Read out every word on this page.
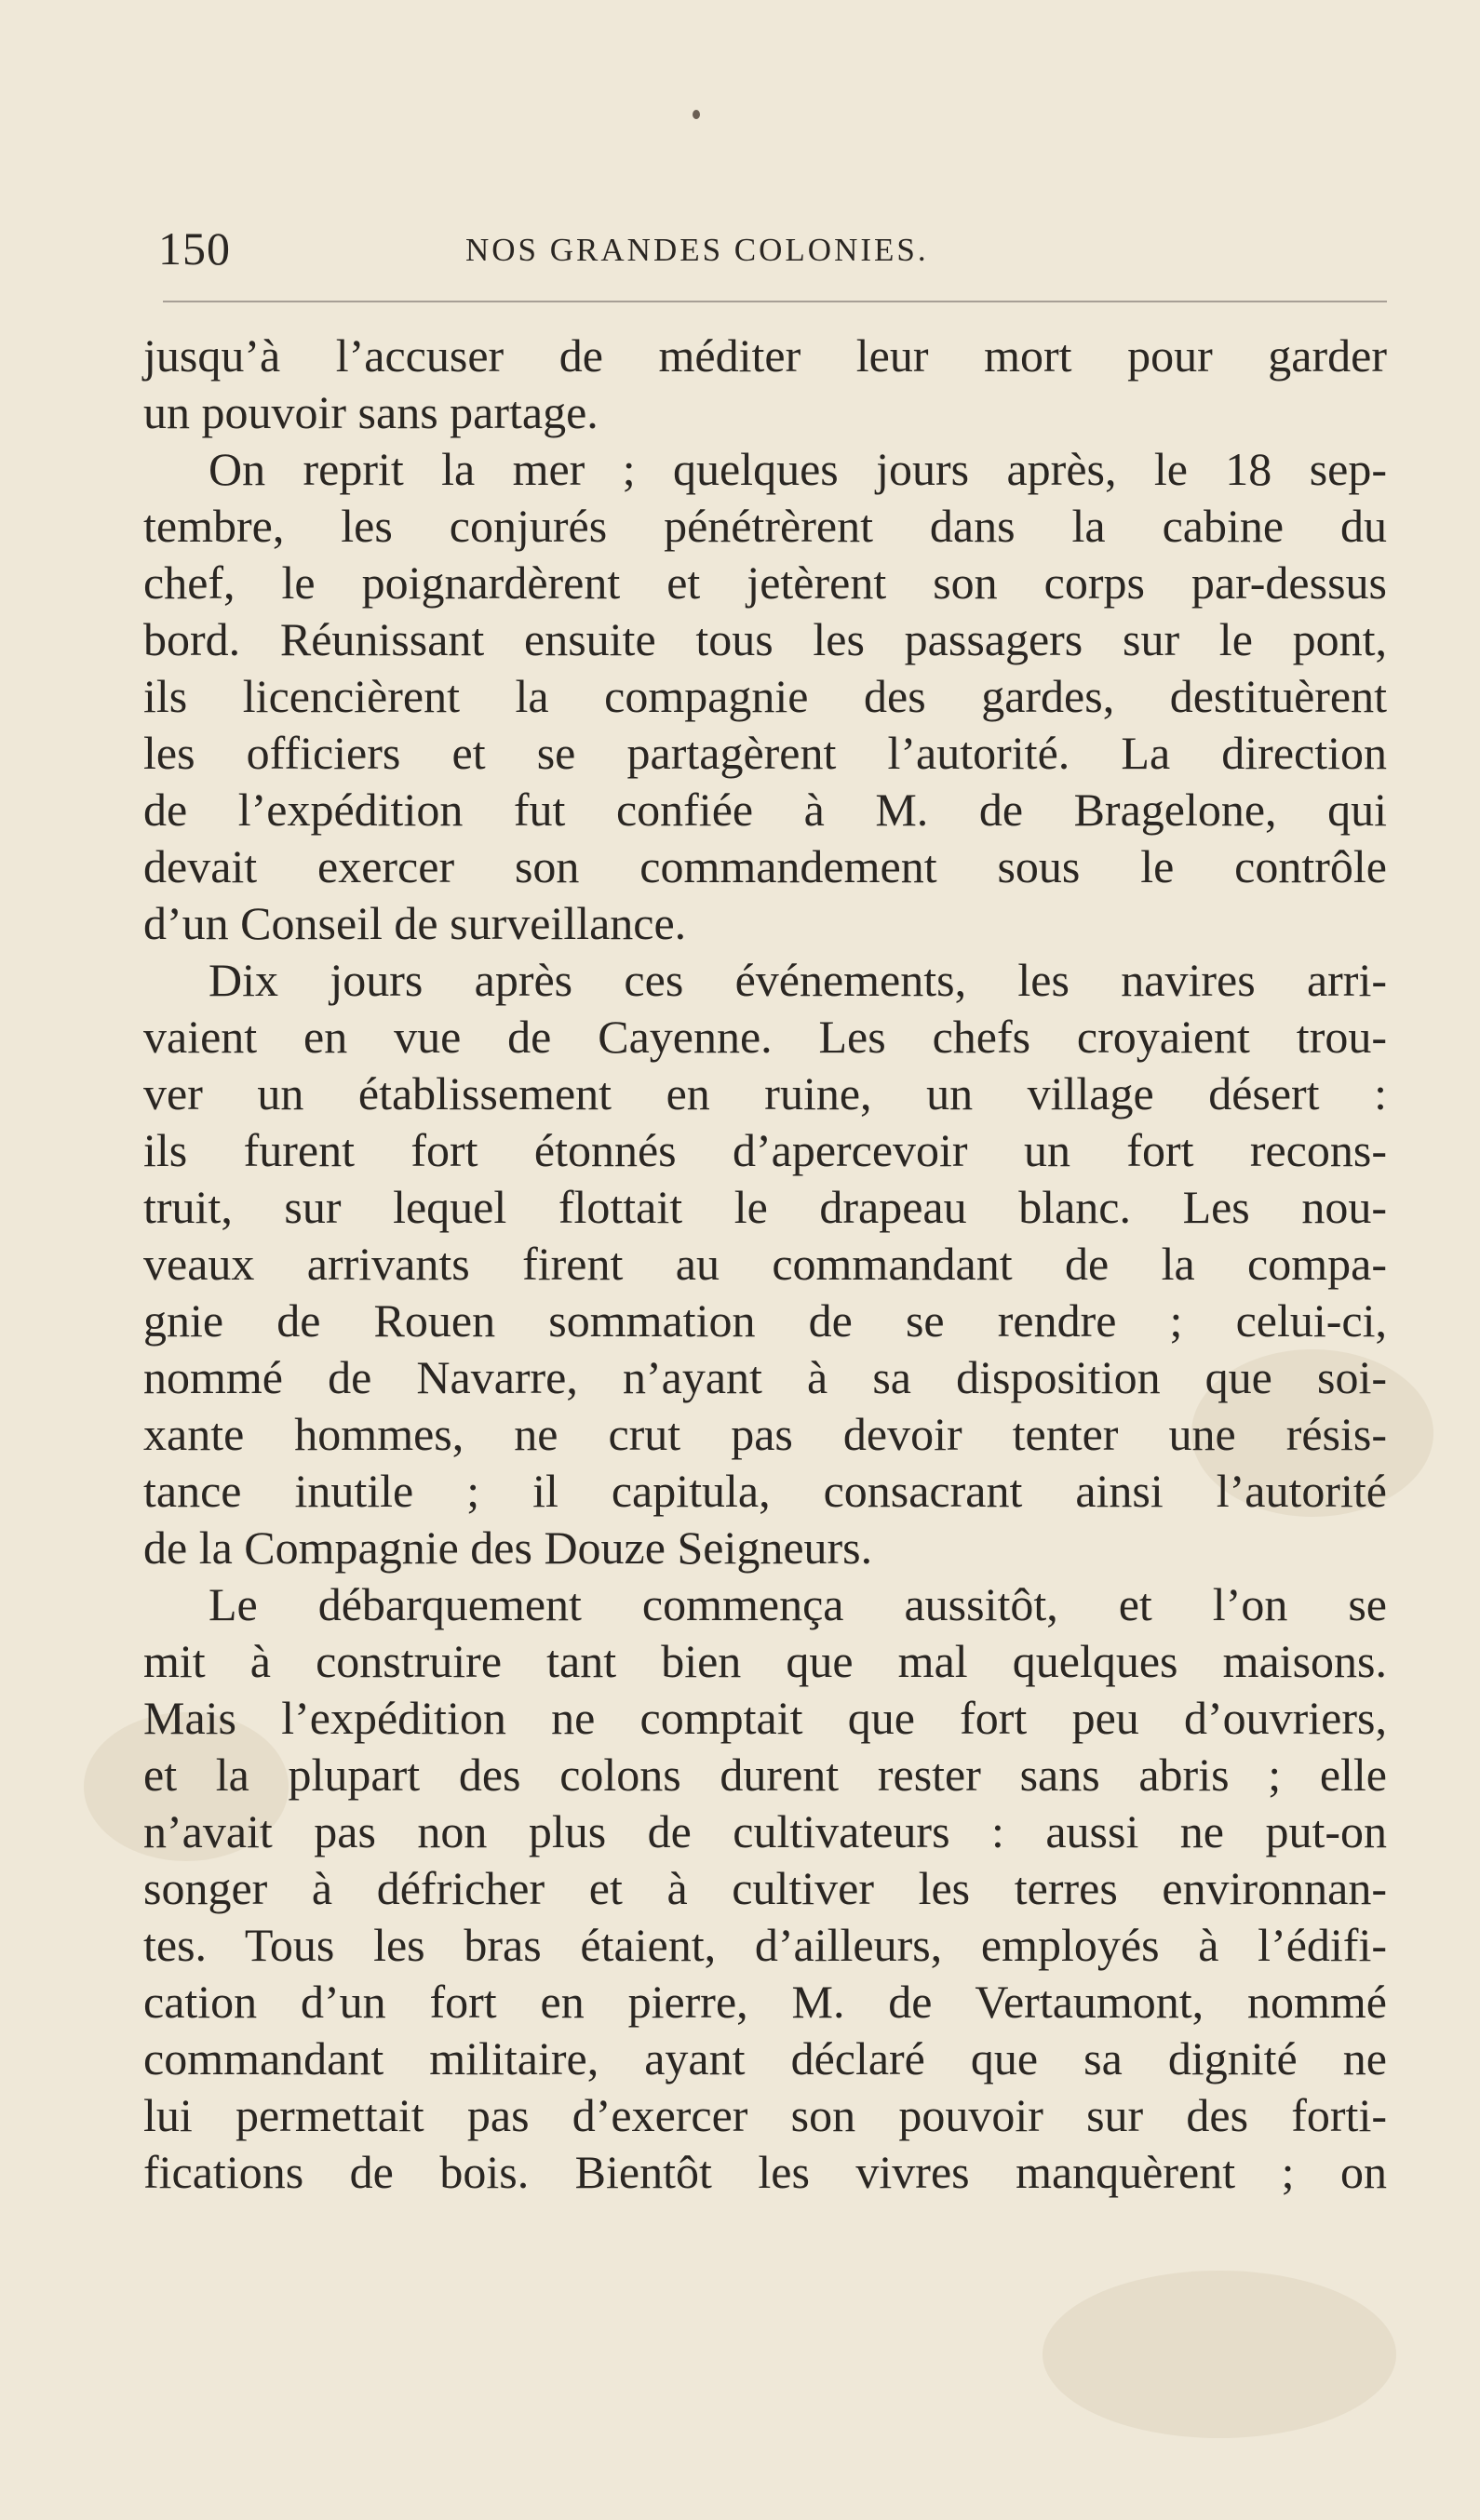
150	NOS GRANDES COLONIES.
jusqu’à l’accuser de méditer leur mort pour garder
un pouvoir sans partage.
On reprit la mer ; quelques jours après, le 18 sep-
tembre, les conjurés pénétrèrent dans la cabine du
chef, le poignardèrent et jetèrent son corps par-dessus
bord. Réunissant ensuite tous les passagers sur le pont,
ils licencièrent la compagnie des gardes, destituèrent
les officiers et se partagèrent l’autorité. La direction
de l’expédition fut confiée à M. de Bragelone, qui
devait exercer son commandement sous le contrôle
d’un Conseil de surveillance.
Dix jours après ces événements, les navires arri-
vaient en vue de Cayenne. Les chefs croyaient trou-
ver un établissement en ruine, un village désert :
ils furent fort étonnés d’apercevoir un fort recons-
truit, sur lequel flottait le drapeau blanc. Les nou-
veaux arrivants firent au commandant de la compa-
gnie de Rouen sommation de se rendre ; celui-ci,
nommé de Navarre, n’ayant à sa disposition que soi-
xante hommes, ne crut pas devoir tenter une résis-
tance inutile ; il capitula, consacrant ainsi l’autorité
de la Compagnie des Douze Seigneurs.
Le débarquement commença aussitôt, et l’on se
mit à construire tant bien que mal quelques maisons.
Mais l’expédition ne comptait que fort peu d’ouvriers,
et la plupart des colons durent rester sans abris ; elle
n’avait pas non plus de cultivateurs : aussi ne put-on
songer à défricher et à cultiver les terres environnan-
tes. Tous les bras étaient, d’ailleurs, employés à l’édifi-
cation d’un fort en pierre, M. de Vertaumont, nommé
commandant militaire, ayant déclaré que sa dignité ne
lui permettait pas d’exercer son pouvoir sur des forti-
fications de bois. Bientôt les vivres manquèrent ; on
